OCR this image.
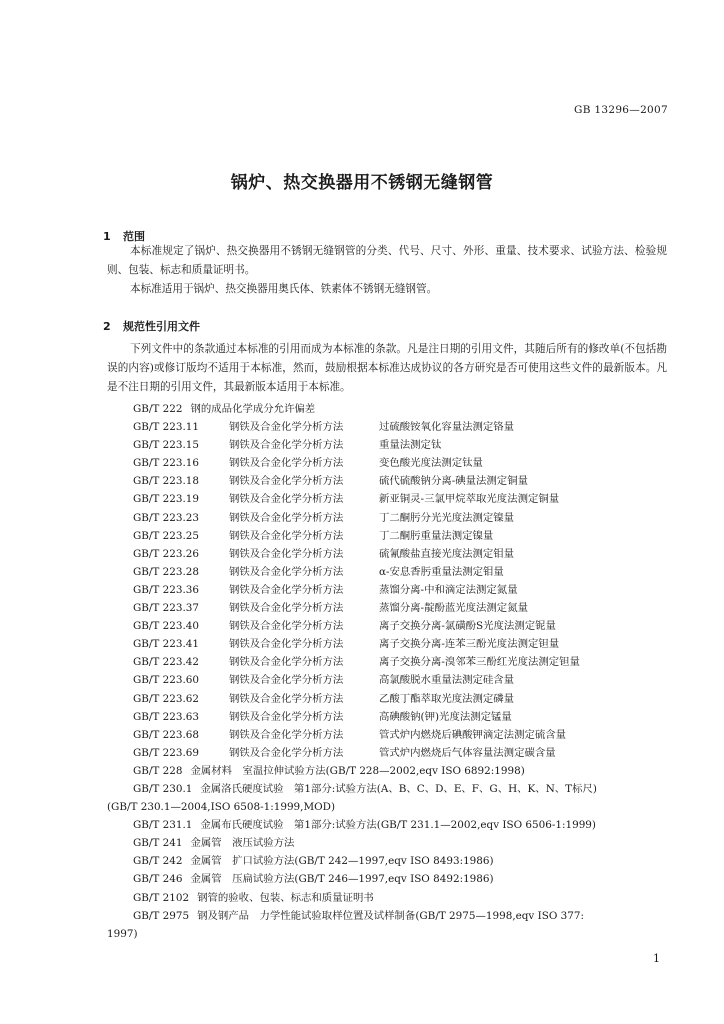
GB 13296—2007
锅炉、热交换器用不锈钢无缝钢管
1 范围

本标准规定了锅炉、热交换器用不锈钢无缝钢管的分类、代号、尺寸、外形、重量、技术要求、试验方法、检验规则、包装、标志和质量证明书。

本标准适用于锅炉、热交换器用奥氏体、铁素体不锈钢无缝钢管。

2 规范性引用文件

下列文件中的条款通过本标准的引用而成为本标准的条款。凡是注日期的引用文件，其随后所有的修改单(不包括勘误的内容)或修订版均不适用于本标准，然而，鼓励根据本标准达成协议的各方研究是否可使用这些文件的最新版本。凡是不注日期的引用文件，其最新版本适用于本标准。

GB/T 222 钢的成品化学成分允许偏差
GB/T 223.11	钢铁及合金化学分析方法	过硫酸铵氧化容量法测定铬量
GB/T 223.15	钢铁及合金化学分析方法	重量法测定钛
GB/T 223.16	钢铁及合金化学分析方法	变色酸光度法测定钛量
GB/T 223.18	钢铁及合金化学分析方法	硫代硫酸钠分离-碘量法测定铜量
GB/T 223.19	钢铁及合金化学分析方法	新亚铜灵-三氯甲烷萃取光度法测定铜量
GB/T 223.23	钢铁及合金化学分析方法	丁二酮肟分光光度法测定镍量
GB/T 223.25	钢铁及合金化学分析方法	丁二酮肟重量法测定镍量
GB/T 223.26	钢铁及合金化学分析方法	硫氰酸盐直接光度法测定钼量
GB/T 223.28	钢铁及合金化学分析方法	α-安息香肟重量法测定钼量
GB/T 223.36	钢铁及合金化学分析方法	蒸馏分离-中和滴定法测定氮量
GB/T 223.37	钢铁及合金化学分析方法	蒸馏分离-靛酚蓝光度法测定氮量
GB/T 223.40	钢铁及合金化学分析方法	离子交换分离-氯磺酚S光度法测定铌量
GB/T 223.41	钢铁及合金化学分析方法	离子交换分离-连苯三酚光度法测定钽量
GB/T 223.42	钢铁及合金化学分析方法	离子交换分离-溴邻苯三酚红光度法测定钽量
GB/T 223.60	钢铁及合金化学分析方法	高氯酸脱水重量法测定硅含量
GB/T 223.62	钢铁及合金化学分析方法	乙酸丁酯萃取光度法测定磷量
GB/T 223.63	钢铁及合金化学分析方法	高碘酸钠(钾)光度法测定锰量
GB/T 223.68	钢铁及合金化学分析方法	管式炉内燃烧后碘酸钾滴定法测定硫含量
GB/T 223.69	钢铁及合金化学分析方法	管式炉内燃烧后气体容量法测定碳含量
GB/T 228 金属材料　室温拉伸试验方法(GB/T 228—2002,eqv ISO 6892:1998)
GB/T 230.1 金属洛氏硬度试验　第1部分:试验方法(A、B、C、D、E、F、G、H、K、N、T标尺)
(GB/T 230.1—2004,ISO 6508-1:1999,MOD)
GB/T 231.1 金属布氏硬度试验　第1部分:试验方法(GB/T 231.1—2002,eqv ISO 6506-1:1999)
GB/T 241 金属管　液压试验方法
GB/T 242 金属管　扩口试验方法(GB/T 242—1997,eqv ISO 8493:1986)
GB/T 246 金属管　压扁试验方法(GB/T 246—1997,eqv ISO 8492:1986)
GB/T 2102 钢管的验收、包装、标志和质量证明书
GB/T 2975 钢及钢产品　力学性能试验取样位置及试样制备(GB/T 2975—1998,eqv ISO 377:
1997)
1
